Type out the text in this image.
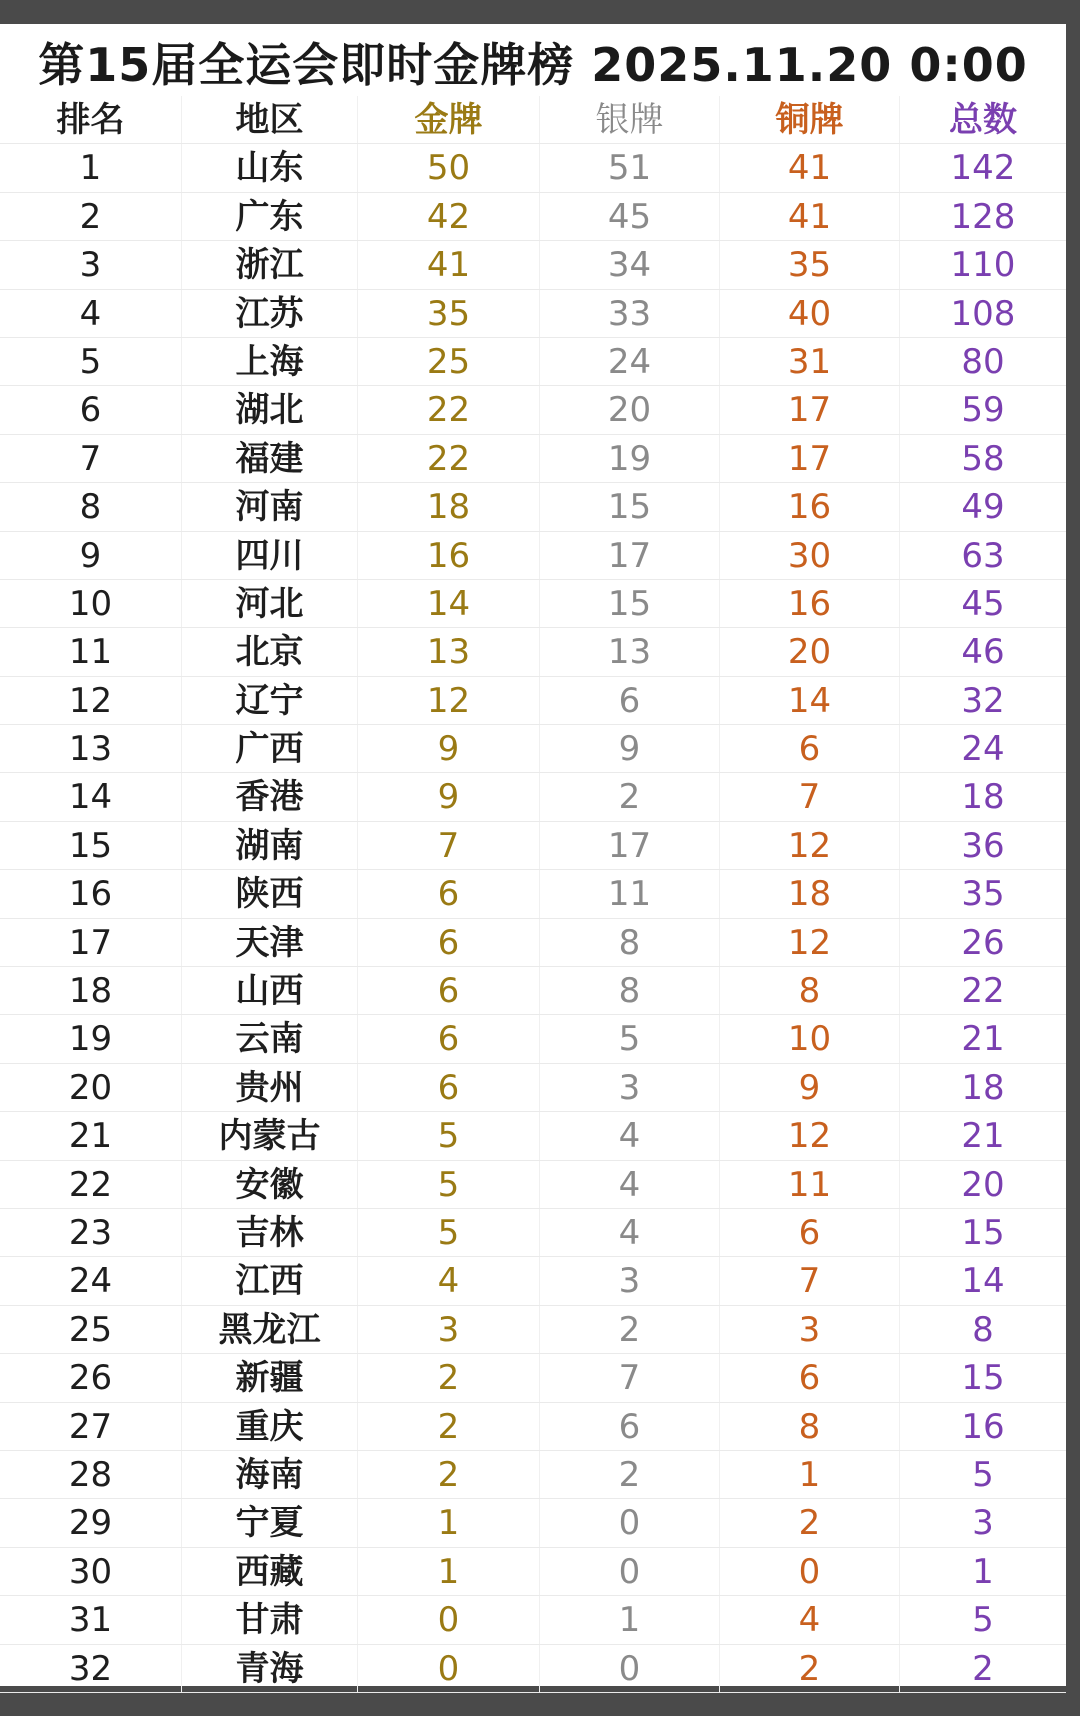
第15届全运会即时金牌榜 2025.11.20 0:00
排名	地区	金牌	银牌	铜牌	总数
1	山东	50	51	41	142
2	广东	42	45	41	128
3	浙江	41	34	35	110
4	江苏	35	33	40	108
5	上海	25	24	31	80
6	湖北	22	20	17	59
7	福建	22	19	17	58
8	河南	18	15	16	49
9	四川	16	17	30	63
10	河北	14	15	16	45
11	北京	13	13	20	46
12	辽宁	12	6	14	32
13	广西	9	9	6	24
14	香港	9	2	7	18
15	湖南	7	17	12	36
16	陕西	6	11	18	35
17	天津	6	8	12	26
18	山西	6	8	8	22
19	云南	6	5	10	21
20	贵州	6	3	9	18
21	内蒙古	5	4	12	21
22	安徽	5	4	11	20
23	吉林	5	4	6	15
24	江西	4	3	7	14
25	黑龙江	3	2	3	8
26	新疆	2	7	6	15
27	重庆	2	6	8	16
28	海南	2	2	1	5
29	宁夏	1	0	2	3
30	西藏	1	0	0	1
31	甘肃	0	1	4	5
32	青海	0	0	2	2
